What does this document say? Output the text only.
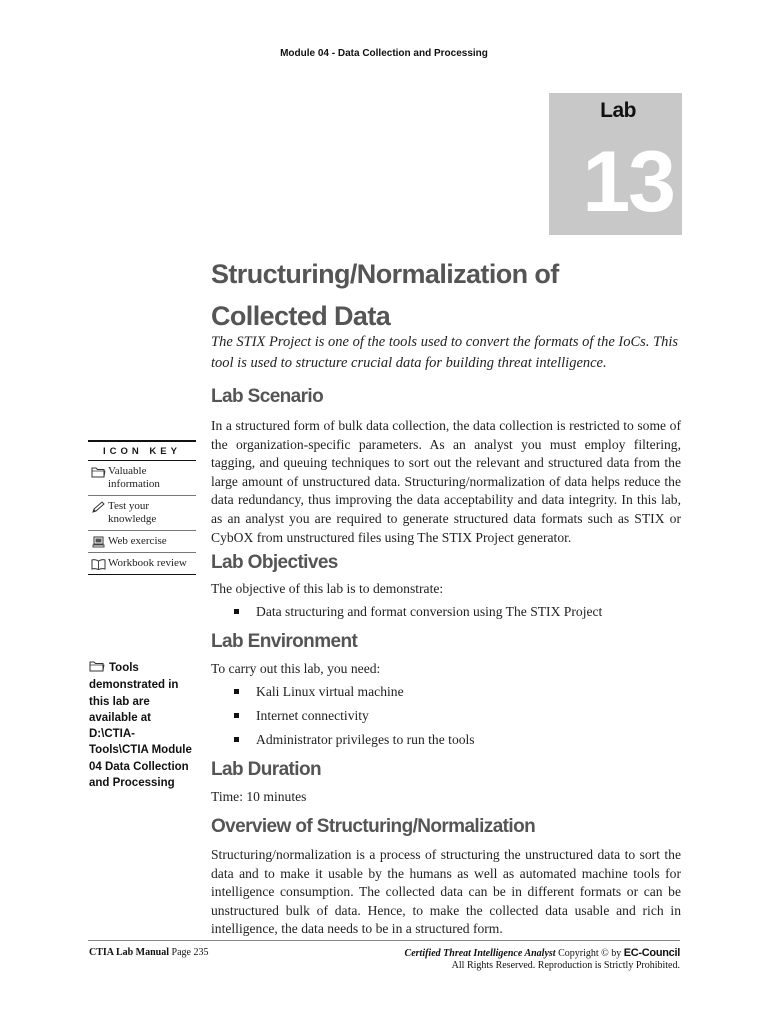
Module 04 - Data Collection and Processing
Lab
13
Structuring/Normalization of
Collected Data
The STIX Project is one of the tools used to convert the formats of the IoCs. This tool is used to structure crucial data for building threat intelligence.
Lab Scenario
In a structured form of bulk data collection, the data collection is restricted to some of the organization-specific parameters. As an analyst you must employ filtering, tagging, and queuing techniques to sort out the relevant and structured data from the large amount of unstructured data. Structuring/normalization of data helps reduce the data redundancy, thus improving the data acceptability and data integrity. In this lab, as an analyst you are required to generate structured data formats such as STIX or CybOX from unstructured files using The STIX Project generator.
ICON KEY
Valuable information
Test your knowledge
Web exercise
Workbook review Lab Objectives
The objective of this lab is to demonstrate:
Data structuring and format conversion using The STIX Project
Lab Environment
To carry out this lab, you need:
Kali Linux virtual machine
Internet connectivity
Administrator privileges to run the tools
Tools demonstrated in this lab are available at D:\CTIA-Tools\CTIA Module 04 Data Collection and Processing
Lab Duration
Time: 10 minutes
Overview of Structuring/Normalization
Structuring/normalization is a process of structuring the unstructured data to sort the data and to make it usable by the humans as well as automated machine tools for intelligence consumption. The collected data can be in different formats or can be unstructured bulk of data. Hence, to make the collected data usable and rich in intelligence, the data needs to be in a structured form.
CTIA Lab Manual Page 235	Certified Threat Intelligence Analyst Copyright © by EC-Council
All Rights Reserved. Reproduction is Strictly Prohibited.
